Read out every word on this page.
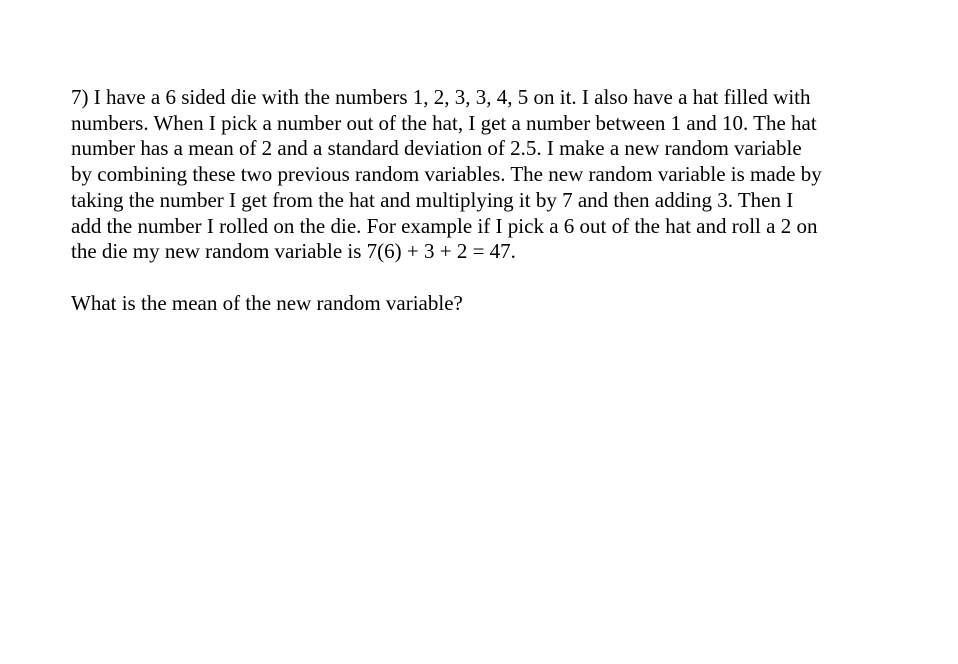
7) I have a 6 sided die with the numbers 1, 2, 3, 3, 4, 5 on it. I also have a hat filled with
numbers. When I pick a number out of the hat, I get a number between 1 and 10. The hat
number has a mean of 2 and a standard deviation of 2.5. I make a new random variable
by combining these two previous random variables. The new random variable is made by
taking the number I get from the hat and multiplying it by 7 and then adding 3. Then I
add the number I rolled on the die. For example if I pick a 6 out of the hat and roll a 2 on
the die my new random variable is 7(6) + 3 + 2 = 47.
What is the mean of the new random variable?
